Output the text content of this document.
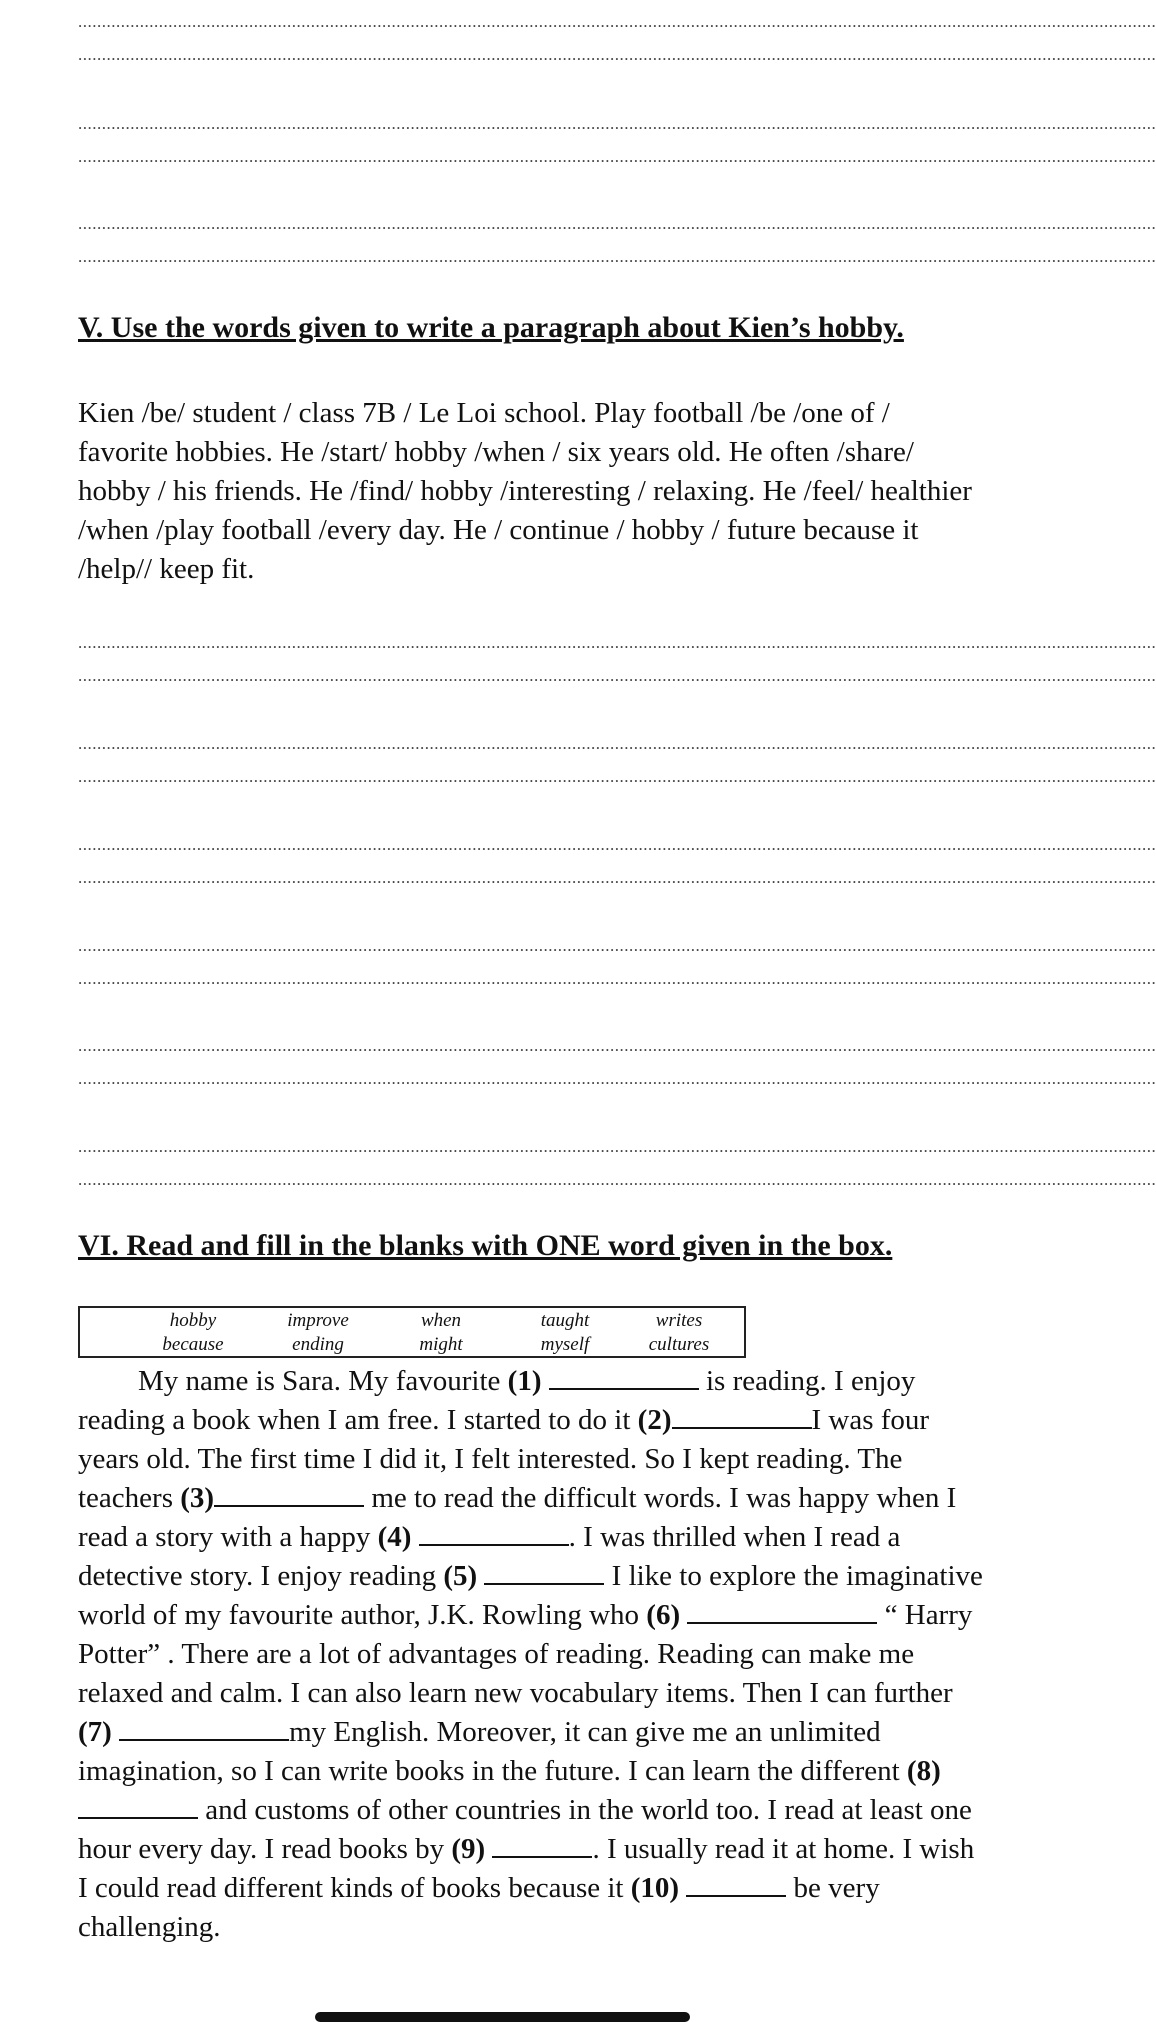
...................................................................................................................................................................................................................................
...................................................................................................................................................................................................................................
...................................................................................................................................................................................................................................
...................................................................................................................................................................................................................................
...................................................................................................................................................................................................................................
...................................................................................................................................................................................................................................
V. Use the words given to write a paragraph about Kien’s hobby.

Kien /be/ student / class 7B / Le Loi school. Play football /be /one of / favorite hobbies. He /start/ hobby /when / six years old. He often /share/ hobby / his friends. He /find/ hobby /interesting / relaxing. He /feel/ healthier /when /play football /every day. He / continue / hobby / future because it /help// keep fit.

...................................................................................................................................................................................................................................
...................................................................................................................................................................................................................................
...................................................................................................................................................................................................................................
...................................................................................................................................................................................................................................
...................................................................................................................................................................................................................................
...................................................................................................................................................................................................................................
...................................................................................................................................................................................................................................
...................................................................................................................................................................................................................................
...................................................................................................................................................................................................................................
...................................................................................................................................................................................................................................
...................................................................................................................................................................................................................................
...................................................................................................................................................................................................................................
VI. Read and fill in the blanks with ONE word given in the box.
hobby	improve	when	taught	writes
because	ending	might	myself	cultures

My name is Sara. My favourite (1)	is reading. I enjoy reading a book when I am free. I started to do it (2)	I was four years old. The first time I did it, I felt interested. So I kept reading. The teachers (3)	me to read the difficult words. I was happy when I read a story with a happy (4)	. I was thrilled when I read a detective story. I enjoy reading (5)	I like to explore the imaginative world of my favourite author, J.K. Rowling who (6)	“ Harry Potter” . There are a lot of advantages of reading. Reading can make me relaxed and calm. I can also learn new vocabulary items. Then I can further (7)	my English. Moreover, it can give me an unlimited imagination, so I can write books in the future. I can learn the different (8)  and customs of other countries in the world too. I read at least one hour every day. I read books by (9)	. I usually read it at home. I wish I could read different kinds of books because it (10)	be very challenging.
